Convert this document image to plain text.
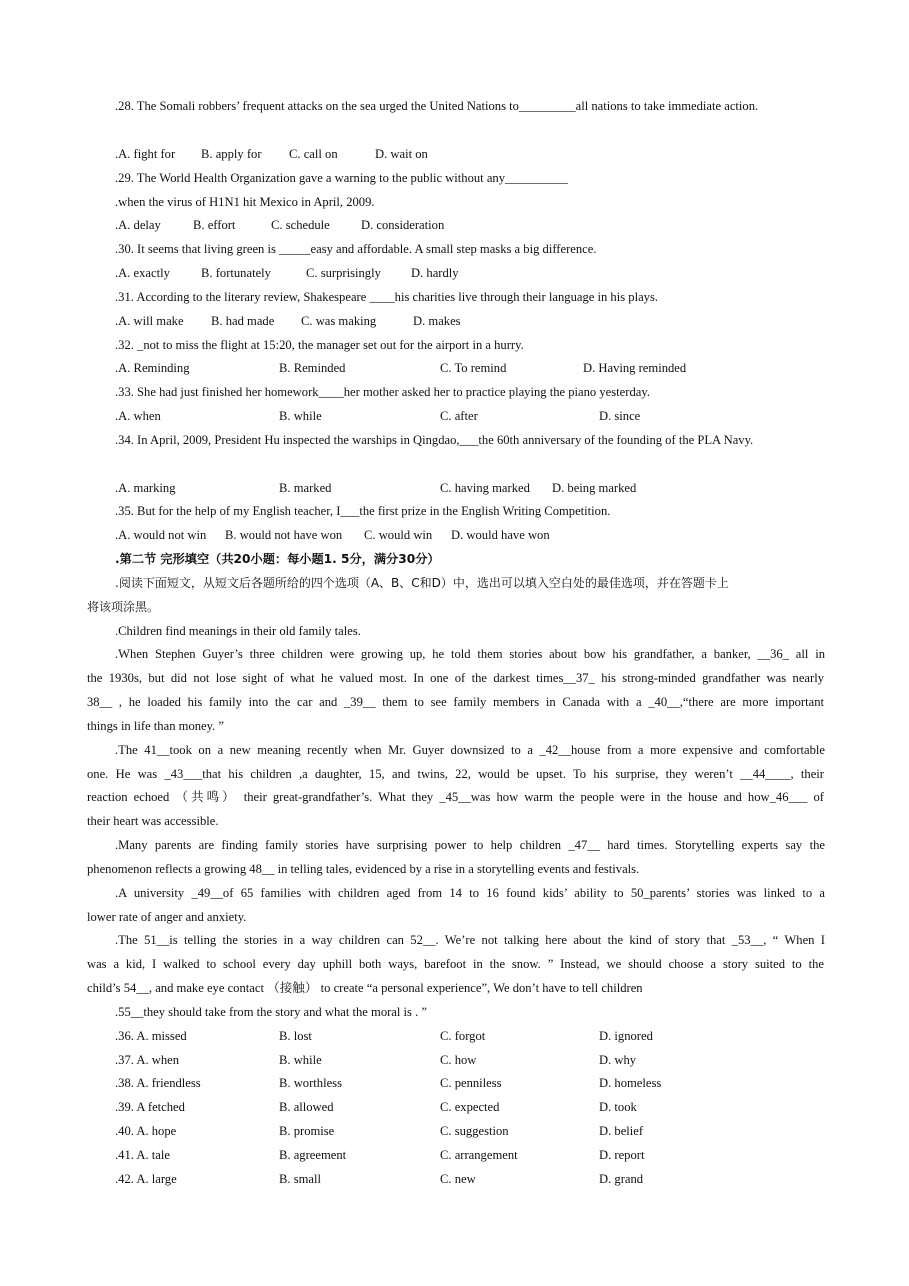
.28. The Somali robbers’ frequent attacks on the sea urged the United Nations to_________all nations to take immediate action.
.A. fight for B. apply for C. call on	D. wait on
.29. The World Health Organization gave a warning to the public without any__________
.when the virus of H1N1 hit Mexico in April, 2009.
.A. delay	B. effort	C. schedule D. consideration
.30. It seems that living green is _____easy and affordable. A small step masks a big difference.
.A. exactly B. fortunately	C. surprisingly D. hardly
.31. According to the literary review, Shakespeare ____his charities live through their language in his plays.
.A. will make B. had made C. was making	D. makes
.32. _not to miss the flight at 15:20, the manager set out for the airport in a hurry.
.A. Reminding	B. Reminded	C. To remind	D. Having reminded
.33. She had just finished her homework____her mother asked her to practice playing the piano yesterday.
.A. when	B. while	C. after	D. since
.34. In April, 2009, President Hu inspected the warships in Qingdao,___the 60th anniversary of the founding of the PLA Navy.
.A. marking	B. marked	C. having marked D. being marked
.35. But for the help of my English teacher, I___the first prize in the English Writing Competition.
.A. would not win B. would not have won C. would win D. would have won
.第二节 完形填空（共20小题：每小题1. 5分，满分30分）
.阅读下面短文，从短文后各题所给的四个选项（A、B、C和D）中，选出可以填入空白处的最佳选项，并在答题卡上
将该项涂黑。
.Children find meanings in their old family tales.
.When Stephen Guyer’s three children were growing up, he told them stories about bow his grandfather, a banker, __36_ all in
the 1930s, but did not lose sight of what he valued most. In one of the darkest times__37_ his strong-minded grandfather was nearly
38__ , he loaded his family into the car and _39__ them to see family members in Canada with a _40__,“there are more important
things in life than money. ”
.The 41__took on a new meaning recently when Mr. Guyer downsized to a _42__house from a more expensive and comfortable
one. He was _43___that his children ,a daughter, 15, and twins, 22, would be upset. To his surprise, they weren’t __44____, their
reaction echoed （共鸣） their great-grandfather’s. What they _45__was how warm the people were in the house and how_46___ of
their heart was accessible.
.Many parents are finding family stories have surprising power to help children _47__ hard times. Storytelling experts say the
phenomenon reflects a growing 48__ in telling tales, evidenced by a rise in a storytelling events and festivals.
.A university _49__of 65 families with children aged from 14 to 16 found kids’ ability to 50_parents’ stories was linked to a
lower rate of anger and anxiety.
.The 51__is telling the stories in a way children can 52__. We’re not talking here about the kind of story that _53__, “ When I
was a kid, I walked to school every day uphill both ways, barefoot in the snow. ” Instead, we should choose a story suited to the
child’s 54__, and make eye contact （接触） to create “a personal experience”, We don’t have to tell children
.55__they should take from the story and what the moral is . ”
.36. A. missed	B. lost	C. forgot	D. ignored
.37. A. when	B. while	C. how	D. why
.38. A. friendless	B. worthless	C. penniless	D. homeless
.39. A fetched	B. allowed	C. expected	D. took
.40. A. hope	B. promise	C. suggestion	D. belief
.41. A. tale	B. agreement	C. arrangement	D. report
.42. A. large	B. small	C. new	D. grand
